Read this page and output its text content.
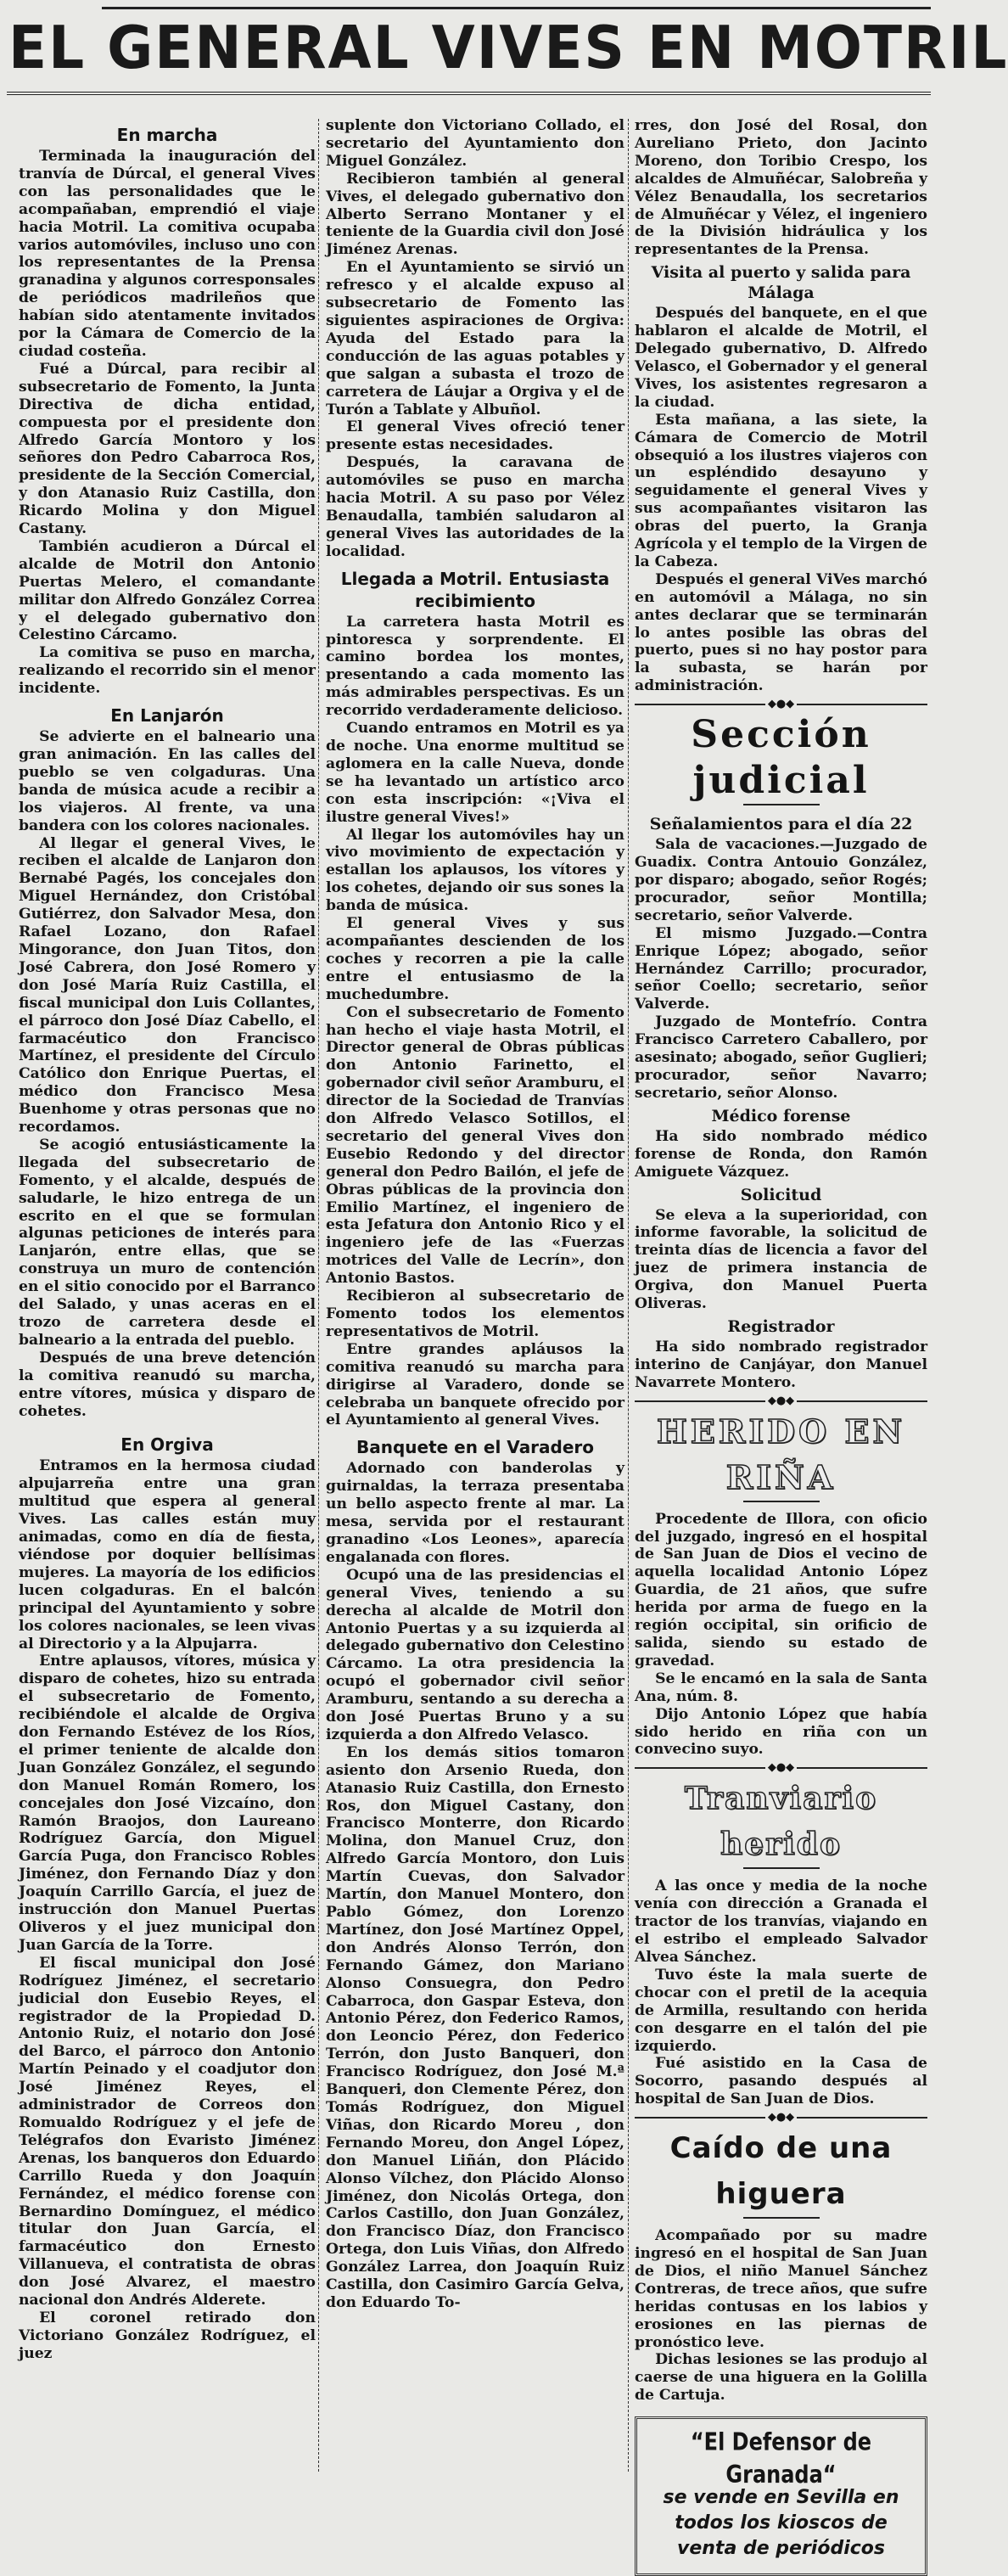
EL GENERAL VIVES EN MOTRIL
En marcha

Terminada la inauguración del tranvía de Dúrcal, el general Vives con las personalidades que le acompañaban, emprendió el viaje hacia Motril. La comitiva ocupaba varios automóviles, incluso uno con los representantes de la Prensa granadina y algunos corresponsales de periódicos madrileños que habían sido atentamente invitados por la Cámara de Comercio de la ciudad costeña.

Fué a Dúrcal, para recibir al subsecretario de Fomento, la Junta Directiva de dicha entidad, compuesta por el presidente don Alfredo García Montoro y los señores don Pedro Cabarroca Ros, presidente de la Sección Comercial, y don Atanasio Ruiz Castilla, don Ricardo Molina y don Miguel Castany.

También acudieron a Dúrcal el alcalde de Motril don Antonio Puertas Melero, el comandante militar don Alfredo González Correa y el delegado gubernativo don Celestino Cárcamo.

La comitiva se puso en marcha, realizando el recorrido sin el menor incidente.

En Lanjarón

Se advierte en el balneario una gran animación. En las calles del pueblo se ven colgaduras. Una banda de música acude a recibir a los viajeros. Al frente, va una bandera con los colores nacionales.

Al llegar el general Vives, le reciben el alcalde de Lanjaron don Bernabé Pagés, los concejales don Miguel Hernández, don Cristóbal Gutiérrez, don Salvador Mesa, don Rafael Lozano, don Rafael Mingorance, don Juan Titos, don José Cabrera, don José Romero y don José María Ruiz Castilla, el fiscal municipal don Luis Collantes, el párroco don José Díaz Cabello, el farmacéutico don Francisco Martínez, el presidente del Círculo Católico don Enrique Puertas, el médico don Francisco Mesa Buenhome y otras personas que no recordamos.

Se acogió entusiásticamente la llegada del subsecretario de Fomento, y el alcalde, después de saludarle, le hizo entrega de un escrito en el que se formulan algunas peticiones de interés para Lanjarón, entre ellas, que se construya un muro de contención en el sitio conocido por el Barranco del Salado, y unas aceras en el trozo de carretera desde el balneario a la entrada del pueblo.

Después de una breve detención la comitiva reanudó su marcha, entre vítores, música y disparo de cohetes.

En Orgiva

Entramos en la hermosa ciudad alpujarreña entre una gran multitud que espera al general Vives. Las calles están muy animadas, como en día de fiesta, viéndose por doquier bellísimas mujeres. La mayoría de los edificios lucen colgaduras. En el balcón principal del Ayuntamiento y sobre los colores nacionales, se leen vivas al Directorio y a la Alpujarra.

Entre aplausos, vítores, música y disparo de cohetes, hizo su entrada el subsecretario de Fomento, recibiéndole el alcalde de Orgiva don Fernando Estévez de los Ríos, el primer teniente de alcalde don Juan González González, el segundo don Manuel Román Romero, los concejales don José Vizcaíno, don Ramón Braojos, don Laureano Rodríguez García, don Miguel García Puga, don Francisco Robles Jiménez, don Fernando Díaz y don Joaquín Carrillo García, el juez de instrucción don Manuel Puertas Oliveros y el juez municipal don Juan García de la Torre.

El fiscal municipal don José Rodríguez Jiménez, el secretario judicial don Eusebio Reyes, el registrador de la Propiedad D. Antonio Ruiz, el notario don José del Barco, el párroco don Antonio Martín Peinado y el coadjutor don José Jiménez Reyes, el administrador de Correos don Romualdo Rodríguez y el jefe de Telégrafos don Evaristo Jiménez Arenas, los banqueros don Eduardo Carrillo Rueda y don Joaquín Fernández, el médico forense con Bernardino Domínguez, el médico titular don Juan García, el farmacéutico don Ernesto Villanueva, el contratista de obras don José Alvarez, el maestro nacional don Andrés Alderete.

El coronel retirado don Victoriano González Rodríguez, el juez

suplente don Victoriano Collado, el secretario del Ayuntamiento don Miguel González.

Recibieron también al general Vives, el delegado gubernativo don Alberto Serrano Montaner y el teniente de la Guardia civil don José Jiménez Arenas.

En el Ayuntamiento se sirvió un refresco y el alcalde expuso al subsecretario de Fomento las siguientes aspiraciones de Orgiva: Ayuda del Estado para la conducción de las aguas potables y que salgan a subasta el trozo de carretera de Láujar a Orgiva y el de Turón a Tablate y Albuñol.

El general Vives ofreció tener presente estas necesidades.

Después, la caravana de automóviles se puso en marcha hacia Motril. A su paso por Vélez Benaudalla, también saludaron al general Vives las autoridades de la localidad.

Llegada a Motril. Entusiasta recibimiento

La carretera hasta Motril es pintoresca y sorprendente. El camino bordea los montes, presentando a cada momento las más admirables perspectivas. Es un recorrido verdaderamente delicioso.

Cuando entramos en Motril es ya de noche. Una enorme multitud se aglomera en la calle Nueva, donde se ha levantado un artístico arco con esta inscripción: «¡Viva el ilustre general Vives!»

Al llegar los automóviles hay un vivo movimiento de expectación y estallan los aplausos, los vítores y los cohetes, dejando oir sus sones la banda de música.

El general Vives y sus acompañantes descienden de los coches y recorren a pie la calle entre el entusiasmo de la muchedumbre.

Con el subsecretario de Fomento han hecho el viaje hasta Motril, el Director general de Obras públicas don Antonio Farinetto, el gobernador civil señor Aramburu, el director de la Sociedad de Tranvías don Alfredo Velasco Sotillos, el secretario del general Vives don Eusebio Redondo y del director general don Pedro Bailón, el jefe de Obras públicas de la provincia don Emilio Martínez, el ingeniero de esta Jefatura don Antonio Rico y el ingeniero jefe de las «Fuerzas motrices del Valle de Lecrín», don Antonio Bastos.

Recibieron al subsecretario de Fomento todos los elementos representativos de Motril.

Entre grandes apláusos la comitiva reanudó su marcha para dirigirse al Varadero, donde se celebraba un banquete ofrecido por el Ayuntamiento al general Vives.

Banquete en el Varadero

Adornado con banderolas y guirnaldas, la terraza presentaba un bello aspecto frente al mar. La mesa, servida por el restaurant granadino «Los Leones», aparecía engalanada con flores.

Ocupó una de las presidencias el general Vives, teniendo a su derecha al alcalde de Motril don Antonio Puertas y a su izquierda al delegado gubernativo don Celestino Cárcamo. La otra presidencia la ocupó el gobernador civil señor Aramburu, sentando a su derecha a don José Puertas Bruno y a su izquierda a don Alfredo Velasco.

En los demás sitios tomaron asiento don Arsenio Rueda, don Atanasio Ruiz Castilla, don Ernesto Ros, don Miguel Castany, don Francisco Monterre, don Ricardo Molina, don Manuel Cruz, don Alfredo García Montoro, don Luis Martín Cuevas, don Salvador Martín, don Manuel Montero, don Pablo Gómez, don Lorenzo Martínez, don José Martínez Oppel, don Andrés Alonso Terrón, don Fernando Gámez, don Mariano Alonso Consuegra, don Pedro Cabarroca, don Gaspar Esteva, don Antonio Pérez, don Federico Ramos, don Leoncio Pérez, don Federico Terrón, don Justo Banqueri, don Francisco Rodríguez, don José M.ª Banqueri, don Clemente Pérez, don Tomás Rodríguez, don Miguel Viñas, don Ricardo Moreu , don Fernando Moreu, don Angel López, don Manuel Liñán, don Plácido Alonso Vílchez, don Plácido Alonso Jiménez, don Nicolás Ortega, don Carlos Castillo, don Juan González, don Francisco Díaz, don Francisco Ortega, don Luis Viñas, don Alfredo González Larrea, don Joaquín Ruiz Castilla, don Casimiro García Gelva, don Eduardo To-

rres, don José del Rosal, don Aureliano Prieto, don Jacinto Moreno, don Toribio Crespo, los alcaldes de Almuñécar, Salobreña y Vélez Benaudalla, los secretarios de Almuñécar y Vélez, el ingeniero de la División hidráulica y los representantes de la Prensa.

Visita al puerto y salida para Málaga

Después del banquete, en el que hablaron el alcalde de Motril, el Delegado gubernativo, D. Alfredo Velasco, el Gobernador y el general Vives, los asistentes regresaron a la ciudad.

Esta mañana, a las siete, la Cámara de Comercio de Motril obsequió a los ilustres viajeros con un espléndido desayuno y seguidamente el general Vives y sus acompañantes visitaron las obras del puerto, la Granja Agrícola y el templo de la Virgen de la Cabeza.

Después el general ViVes marchó en automóvil a Málaga, no sin antes declarar que se terminarán lo antes posible las obras del puerto, pues si no hay postor para la subasta, se harán por administración.

◆●◆
Sección judicial
Señalamientos para el día 22

Sala de vacaciones.—Juzgado de Guadix. Contra Antouio González, por disparo; abogado, señor Rogés; procurador, señor Montilla; secretario, señor Valverde.

El mismo Juzgado.—Contra Enrique López; abogado, señor Hernández Carrillo; procurador, señor Coello; secretario, señor Valverde.

Juzgado de Montefrío. Contra Francisco Carretero Caballero, por asesinato; abogado, señor Guglieri; procurador, señor Navarro; secretario, señor Alonso.

Médico forense

Ha sido nombrado médico forense de Ronda, don Ramón Amiguete Vázquez.

Solicitud

Se eleva a la superioridad, con informe favorable, la solicitud de treinta días de licencia a favor del juez de primera instancia de Orgiva, don Manuel Puerta Oliveras.

Registrador

Ha sido nombrado registrador interino de Canjáyar, don Manuel Navarrete Montero.

◆●◆
HERIDO EN RIÑA

Procedente de Illora, con oficio del juzgado, ingresó en el hospital de San Juan de Dios el vecino de aquella localidad Antonio López Guardia, de 21 años, que sufre herida por arma de fuego en la región occipital, sin orificio de salida, siendo su estado de gravedad.

Se le encamó en la sala de Santa Ana, núm. 8.

Dijo Antonio López que había sido herido en riña con un convecino suyo.

◆●◆
Tranviario herido

A las once y media de la noche venía con dirección a Granada el tractor de los tranvías, viajando en el estribo el empleado Salvador Alvea Sánchez.

Tuvo éste la mala suerte de chocar con el pretil de la acequia de Armilla, resultando con herida con desgarre en el talón del pie izquierdo.

Fué asistido en la Casa de Socorro, pasando después al hospital de San Juan de Dios.

◆●◆
Caído de una higuera

Acompañado por su madre ingresó en el hospital de San Juan de Dios, el niño Manuel Sánchez Contreras, de trece años, que sufre heridas contusas en los labios y erosiones en las piernas de pronóstico leve.

Dichas lesiones se las produjo al caerse de una higuera en la Golilla de Cartuja.

“El Defensor de Granada“
se vende en Sevilla en todos los kioscos de venta de periódicos
